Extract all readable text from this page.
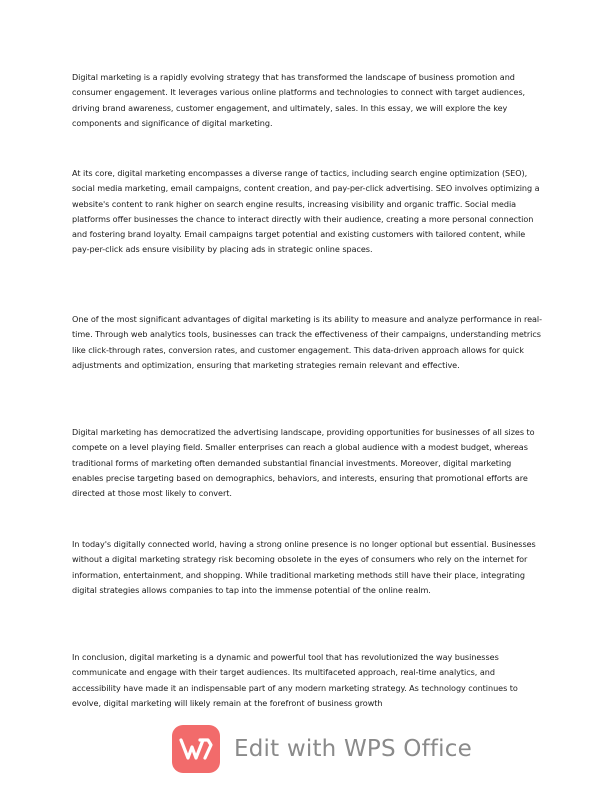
Digital marketing is a rapidly evolving strategy that has transformed the landscape of business promotion and consumer engagement. It leverages various online platforms and technologies to connect with target audiences, driving brand awareness, customer engagement, and ultimately, sales. In this essay, we will explore the key components and significance of digital marketing.

At its core, digital marketing encompasses a diverse range of tactics, including search engine optimization (SEO), social media marketing, email campaigns, content creation, and pay-per-click advertising. SEO involves optimizing a website's content to rank higher on search engine results, increasing visibility and organic traffic. Social media platforms offer businesses the chance to interact directly with their audience, creating a more personal connection and fostering brand loyalty. Email campaigns target potential and existing customers with tailored content, while pay-per-click ads ensure visibility by placing ads in strategic online spaces.

One of the most significant advantages of digital marketing is its ability to measure and analyze performance in real-time. Through web analytics tools, businesses can track the effectiveness of their campaigns, understanding metrics like click-through rates, conversion rates, and customer engagement. This data-driven approach allows for quick adjustments and optimization, ensuring that marketing strategies remain relevant and effective.

Digital marketing has democratized the advertising landscape, providing opportunities for businesses of all sizes to compete on a level playing field. Smaller enterprises can reach a global audience with a modest budget, whereas traditional forms of marketing often demanded substantial financial investments. Moreover, digital marketing enables precise targeting based on demographics, behaviors, and interests, ensuring that promotional efforts are directed at those most likely to convert.

In today's digitally connected world, having a strong online presence is no longer optional but essential. Businesses without a digital marketing strategy risk becoming obsolete in the eyes of consumers who rely on the internet for information, entertainment, and shopping. While traditional marketing methods still have their place, integrating digital strategies allows companies to tap into the immense potential of the online realm.

In conclusion, digital marketing is a dynamic and powerful tool that has revolutionized the way businesses communicate and engage with their target audiences. Its multifaceted approach, real-time analytics, and accessibility have made it an indispensable part of any modern marketing strategy. As technology continues to evolve, digital marketing will likely remain at the forefront of business growth

Edit with WPS Office
